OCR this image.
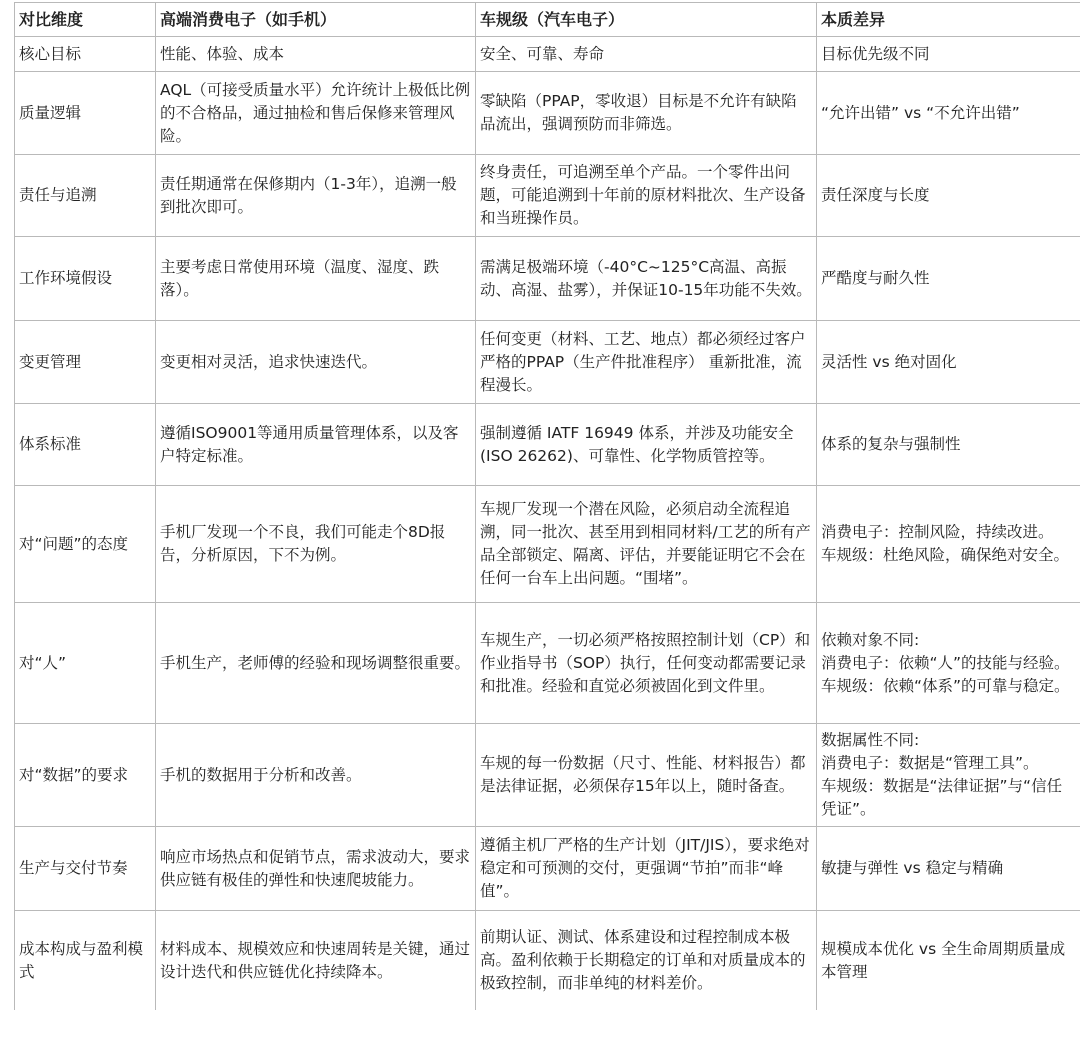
对比维度	高端消费电子（如手机）	车规级（汽车电子）	本质差异
核心目标	性能、体验、成本	安全、可靠、寿命	目标优先级不同
质量逻辑	AQL（可接受质量水平）允许统计上极低比例的不合格品，通过抽检和售后保修来管理风险。	零缺陷（PPAP，零收退）目标是不允许有缺陷品流出，强调预防而非筛选。	“允许出错” vs “不允许出错”
责任与追溯	责任期通常在保修期内（1-3年），追溯一般到批次即可。	终身责任，可追溯至单个产品。一个零件出问题，可能追溯到十年前的原材料批次、生产设备和当班操作员。	责任深度与长度
工作环境假设	主要考虑日常使用环境（温度、湿度、跌落）。	需满足极端环境（-40°C~125°C高温、高振动、高湿、盐雾），并保证10-15年功能不失效。	严酷度与耐久性
变更管理	变更相对灵活，追求快速迭代。	任何变更（材料、工艺、地点）都必须经过客户严格的PPAP（生产件批准程序） 重新批准，流程漫长。	灵活性 vs 绝对固化
体系标准	遵循ISO9001等通用质量管理体系，以及客户特定标准。	强制遵循 IATF 16949 体系，并涉及功能安全(ISO 26262)、可靠性、化学物质管控等。	体系的复杂与强制性
对“问题”的态度	手机厂发现一个不良，我们可能走个8D报告，分析原因，下不为例。	车规厂发现一个潜在风险，必须启动全流程追溯，同一批次、甚至用到相同材料/工艺的所有产品全部锁定、隔离、评估，并要能证明它不会在任何一台车上出问题。“围堵”。	消费电子：控制风险，持续改进。
车规级：杜绝风险，确保绝对安全。
对“人”	手机生产，老师傅的经验和现场调整很重要。	车规生产，一切必须严格按照控制计划（CP）和作业指导书（SOP）执行，任何变动都需要记录和批准。经验和直觉必须被固化到文件里。	依赖对象不同:
消费电子：依赖“人”的技能与经验。
车规级：依赖“体系”的可靠与稳定。
对“数据”的要求	手机的数据用于分析和改善。	车规的每一份数据（尺寸、性能、材料报告）都是法律证据，必须保存15年以上，随时备查。	数据属性不同:
消费电子：数据是“管理工具”。
车规级：数据是“法律证据”与“信任凭证”。
生产与交付节奏	响应市场热点和促销节点，需求波动大，要求供应链有极佳的弹性和快速爬坡能力。	遵循主机厂严格的生产计划（JIT/JIS），要求绝对稳定和可预测的交付，更强调“节拍”而非“峰值”。	敏捷与弹性 vs 稳定与精确
成本构成与盈利模式	材料成本、规模效应和快速周转是关键，通过设计迭代和供应链优化持续降本。	前期认证、测试、体系建设和过程控制成本极高。盈利依赖于长期稳定的订单和对质量成本的极致控制，而非单纯的材料差价。	规模成本优化 vs 全生命周期质量成本管理
